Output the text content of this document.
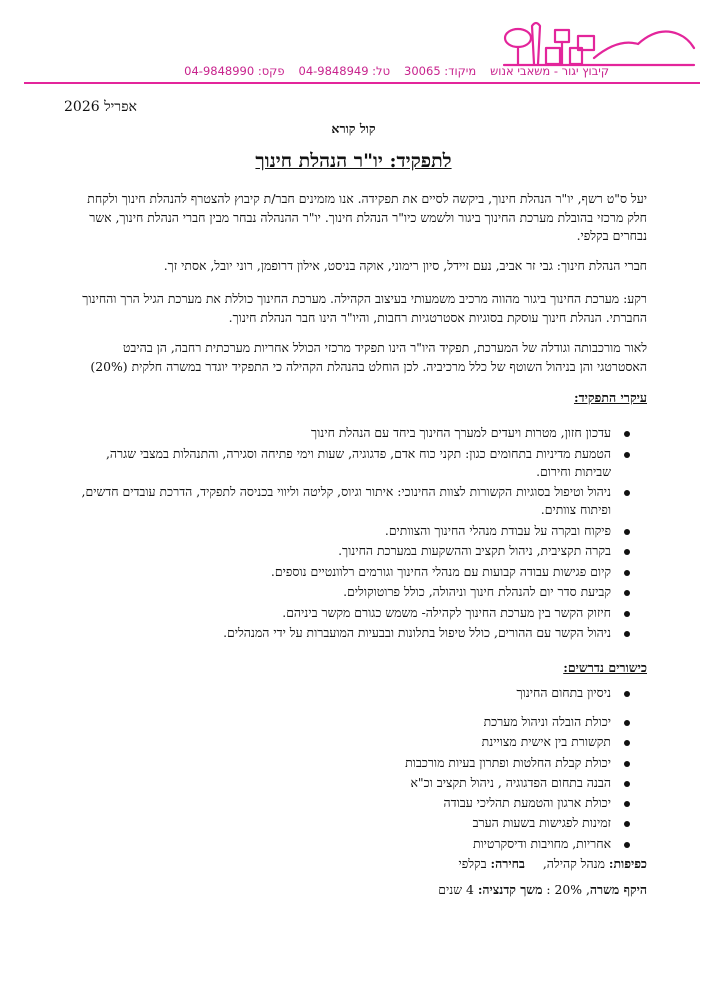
קיבוץ יגור - משאבי אנושמיקוד: 30065טל: 04-9848949פקס: 04-9848990
אפריל 2026
קול קורא
לתפקיד: יו"ר הנהלת חינוך

יעל ס"ט רשף, יו"ר הנהלת חינוך, ביקשה לסיים את תפקידה. אנו מזמינים חבר/ת קיבוץ להצטרף להנהלת חינוך ולקחת חלק מרכזי בהובלת מערכת החינוך ביגור ולשמש כיו"ר הנהלת חינוך. יו"ר ההנהלה נבחר מבין חברי הנהלת חינוך, אשר נבחרים בקלפי.

חברי הנהלת חינוך: גבי זר אביב, נעם זיידל, סיון רימוני, אוקה בניסט, אילון דרופמן, רוני יובל, אסתי זך.

רקע: מערכת החינוך ביגור מהווה מרכיב משמעותי בעיצוב הקהילה. מערכת החינוך כוללת את מערכת הגיל הרך והחינוך החברתי. הנהלת חינוך עוסקת בסוגיות אסטרטגיות רחבות, והיו"ר הינו חבר הנהלת חינוך.

לאור מורכבותה וגודלה של המערכת, תפקיד היו"ר הינו תפקיד מרכזי הכולל אחריות מערכתית רחבה, הן בהיבט האסטרטגי והן בניהול השוטף של כלל מרכיביה. לכן הוחלט בהנהלת הקהילה כי התפקיד יוגדר במשרה חלקית (20%)

עיקרי התפקיד:
עדכון חזון, מטרות ויעדים למערך החינוך ביחד עם הנהלת חינוך
הטמעת מדיניות בתחומים כגון: תקני כוח אדם, פדגוגיה, שעות וימי פתיחה וסגירה, והתנהלות במצבי שגרה, שביתות וחירום.
ניהול וטיפול בסוגיות הקשורות לצוות החינוכי: איתור וגיוס, קליטה וליווי בכניסה לתפקיד, הדרכת עובדים חדשים, ופיתוח צוותים.
פיקוח ובקרה על עבודת מנהלי החינוך והצוותים.
בקרה תקציבית, ניהול תקציב וההשקעות במערכת החינוך.
קיום פגישות עבודה קבועות עם מנהלי החינוך וגורמים רלוונטיים נוספים.
קביעת סדר יום להנהלת חינוך וניהולה, כולל פרוטוקולים.
חיזוק הקשר בין מערכת החינוך לקהילה- משמש כגורם מקשר ביניהם.
ניהול הקשר עם ההורים, כולל טיפול בתלונות ובבעיות המועברות על ידי המנהלים.
כישורים נדרשים:
ניסיון בתחום החינוך
יכולת הובלה וניהול מערכת
תקשורת בין אישית מצויינת
יכולת קבלת החלטות ופתרון בעיות מורכבות
הבנה בתחום הפדגוגיה , ניהול תקציב וכ"א
יכולת ארגון והטמעת תהליכי עבודה
זמינות לפגישות בשעות הערב
אחריות, מחויבות ודיסקרטיות
כפיפות: מנהל קהילה, בחירה: בקלפי
היקף משרה: 20% , משך קדנציה: 4 שנים
